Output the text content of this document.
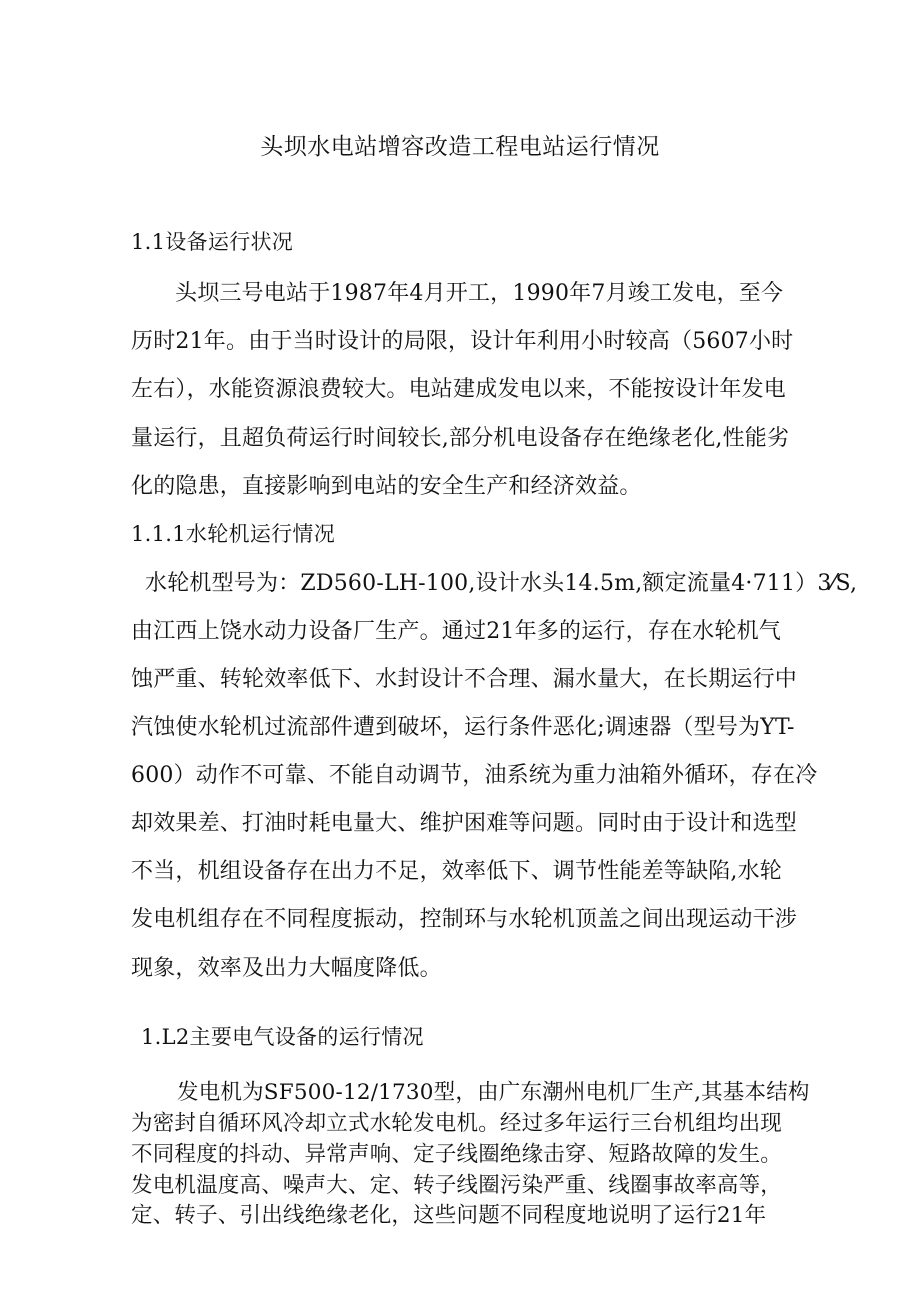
头坝水电站增容改造工程电站运行情况
1.1设备运行状况
头坝三号电站于1987年4月开工，1990年7月竣工发电，至今
历时21年。由于当时设计的局限，设计年利用小时较高（5607小时
左右），水能资源浪费较大。电站建成发电以来，不能按设计年发电
量运行，且超负荷运行时间较长,部分机电设备存在绝缘老化,性能劣
化的隐患，直接影响到电站的安全生产和经济效益。
1.1.1水轮机运行情况
水轮机型号为：ZD560-LH-100,设计水头14.5m,额定流量4·711）3⁄S,
由江西上饶水动力设备厂生产。通过21年多的运行，存在水轮机气
蚀严重、转轮效率低下、水封设计不合理、漏水量大，在长期运行中
汽蚀使水轮机过流部件遭到破坏，运行条件恶化;调速器（型号为YT-
600）动作不可靠、不能自动调节，油系统为重力油箱外循环，存在冷
却效果差、打油时耗电量大、维护困难等问题。同时由于设计和选型
不当，机组设备存在出力不足，效率低下、调节性能差等缺陷,水轮
发电机组存在不同程度振动，控制环与水轮机顶盖之间出现运动干涉
现象，效率及出力大幅度降低。
1.L2主要电气设备的运行情况
发电机为SF500-12/1730型，由广东潮州电机厂生产,其基本结构
为密封自循环风冷却立式水轮发电机。经过多年运行三台机组均出现
不同程度的抖动、异常声响、定子线圈绝缘击穿、短路故障的发生。
发电机温度高、噪声大、定、转子线圈污染严重、线圈事故率高等，
定、转子、引出线绝缘老化，这些问题不同程度地说明了运行21年
